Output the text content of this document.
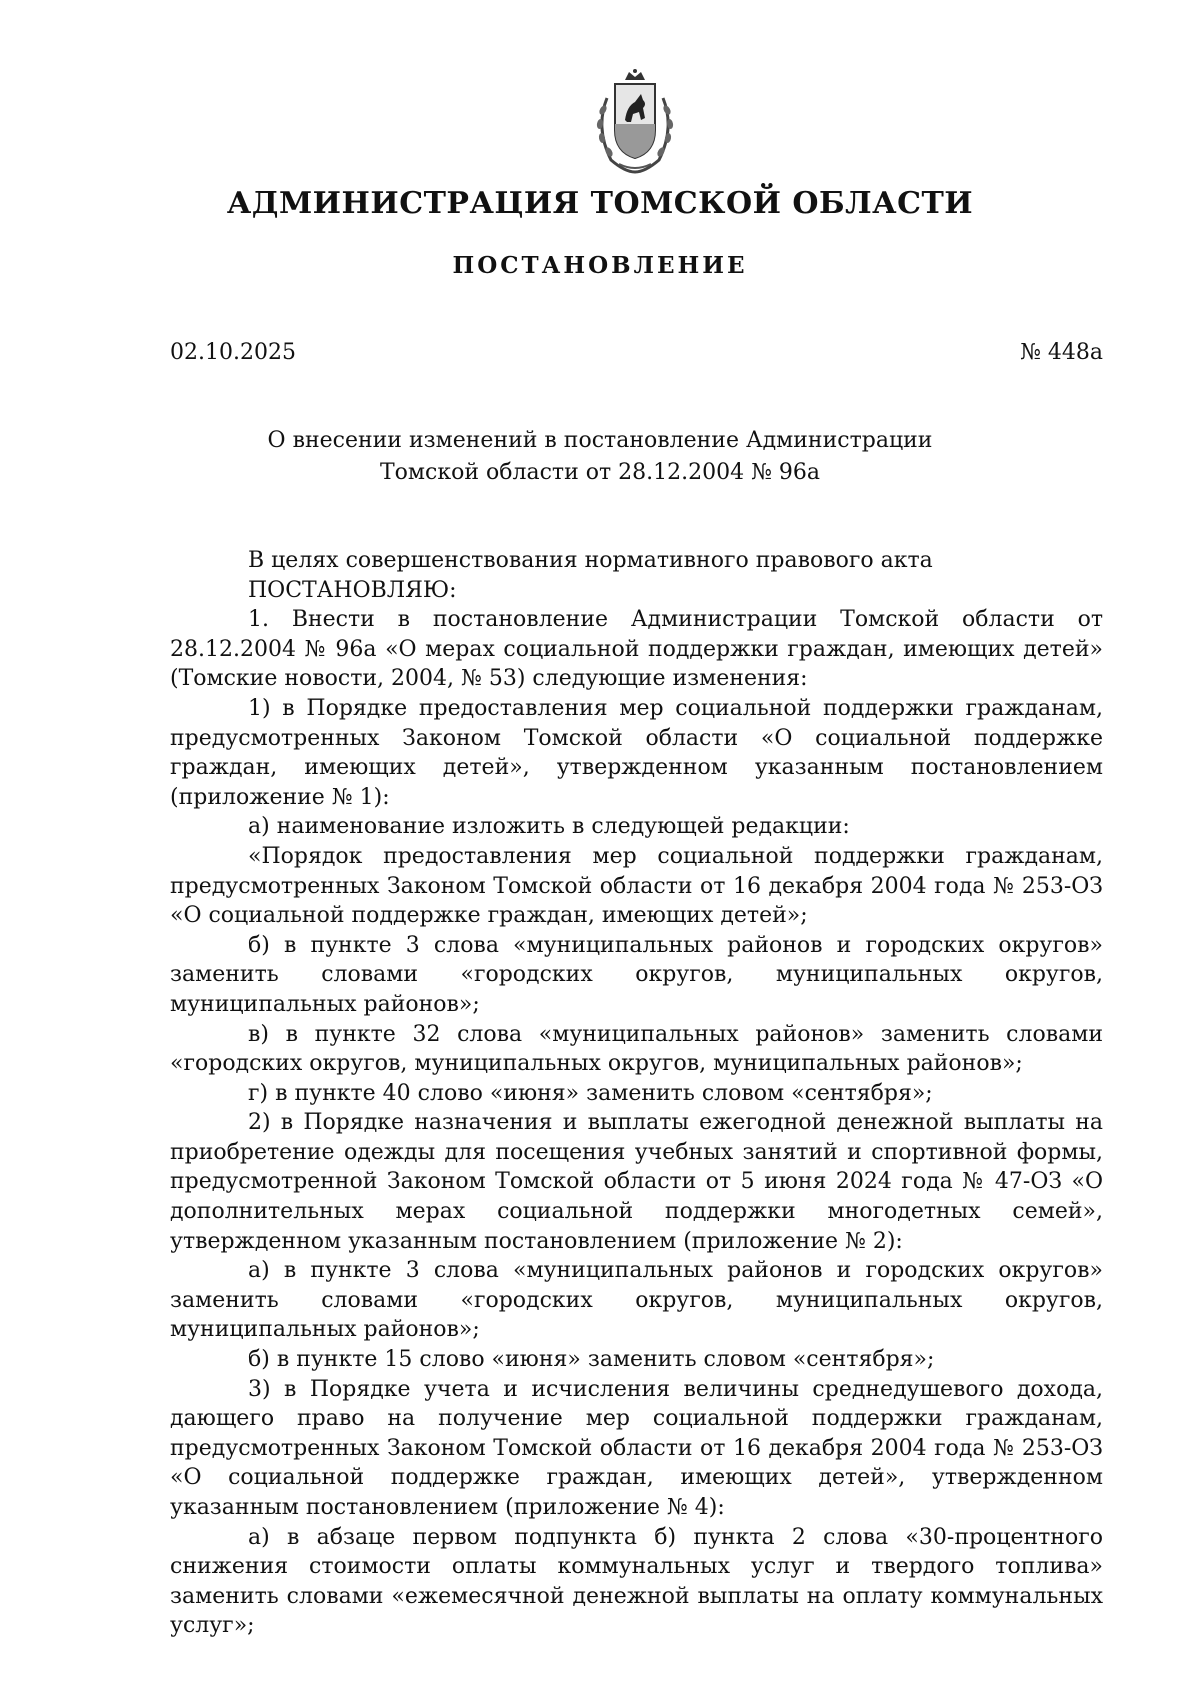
АДМИНИСТРАЦИЯ ТОМСКОЙ ОБЛАСТИ
ПОСТАНОВЛЕНИЕ
02.10.2025	№ 448а
О внесении изменений в постановление Администрации
Томской области от 28.12.2004 № 96а

В целях совершенствования нормативного правового акта

ПОСТАНОВЛЯЮ:

1. Внести в постановление Администрации Томской области от 28.12.2004 № 96а «О мерах социальной поддержки граждан, имеющих детей» (Томские новости, 2004, № 53) следующие изменения:

1) в Порядке предоставления мер социальной поддержки гражданам, предусмотренных Законом Томской области «О социальной поддержке граждан, имеющих детей», утвержденном указанным постановлением (приложение № 1):

а) наименование изложить в следующей редакции:

«Порядок предоставления мер социальной поддержки гражданам, предусмотренных Законом Томской области от 16 декабря 2004 года № 253-ОЗ «О социальной поддержке граждан, имеющих детей»;

б) в пункте 3 слова «муниципальных районов и городских округов» заменить словами «городских округов, муниципальных округов, муниципальных районов»;

в) в пункте 32 слова «муниципальных районов» заменить словами «городских округов, муниципальных округов, муниципальных районов»;

г) в пункте 40 слово «июня» заменить словом «сентября»;

2) в Порядке назначения и выплаты ежегодной денежной выплаты на приобретение одежды для посещения учебных занятий и спортивной формы, предусмотренной Законом Томской области от 5 июня 2024 года № 47-ОЗ «О дополнительных мерах социальной поддержки многодетных семей», утвержденном указанным постановлением (приложение № 2):

а) в пункте 3 слова «муниципальных районов и городских округов» заменить словами «городских округов, муниципальных округов, муниципальных районов»;

б) в пункте 15 слово «июня» заменить словом «сентября»;

3) в Порядке учета и исчисления величины среднедушевого дохода, дающего право на получение мер социальной поддержки гражданам, предусмотренных Законом Томской области от 16 декабря 2004 года № 253-ОЗ «О социальной поддержке граждан, имеющих детей», утвержденном указанным постановлением (приложение № 4):

а) в абзаце первом подпункта б) пункта 2 слова «30-процентного снижения стоимости оплаты коммунальных услуг и твердого топлива» заменить словами «ежемесячной денежной выплаты на оплату коммунальных услуг»;
